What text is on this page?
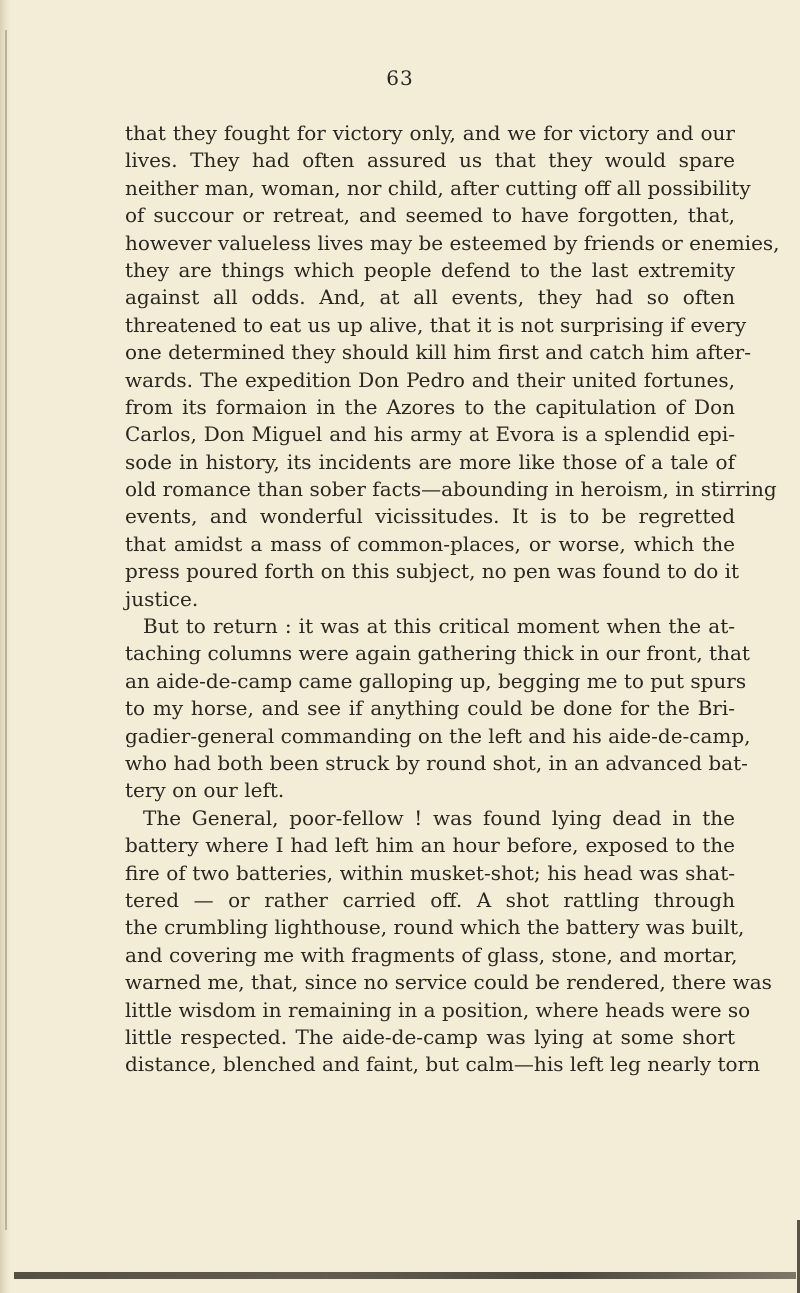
63
that they fought for victory only, and we for victory and our
lives. They had often assured us that they would spare
neither man, woman, nor child, after cutting off all possibility
of succour or retreat, and seemed to have forgotten, that,
however valueless lives may be esteemed by friends or enemies,
they are things which people defend to the last extremity
against all odds. And, at all events, they had so often
threatened to eat us up alive, that it is not surprising if every
one determined they should kill him first and catch him after-
wards. The expedition Don Pedro and their united fortunes,
from its formaion in the Azores to the capitulation of Don
Carlos, Don Miguel and his army at Evora is a splendid epi-
sode in history, its incidents are more like those of a tale of
old romance than sober facts—abounding in heroism, in stirring
events, and wonderful vicissitudes. It is to be regretted
that amidst a mass of common-places, or worse, which the
press poured forth on this subject, no pen was found to do it
justice.
But to return : it was at this critical moment when the at-
taching columns were again gathering thick in our front, that
an aide-de-camp came galloping up, begging me to put spurs
to my horse, and see if anything could be done for the Bri-
gadier-general commanding on the left and his aide-de-camp,
who had both been struck by round shot, in an advanced bat-
tery on our left.
The General, poor-fellow ! was found lying dead in the
battery where I had left him an hour before, exposed to the
fire of two batteries, within musket-shot; his head was shat-
tered — or rather carried off. A shot rattling through
the crumbling lighthouse, round which the battery was built,
and covering me with fragments of glass, stone, and mortar,
warned me, that, since no service could be rendered, there was
little wisdom in remaining in a position, where heads were so
little respected. The aide-de-camp was lying at some short
distance, blenched and faint, but calm—his left leg nearly torn
